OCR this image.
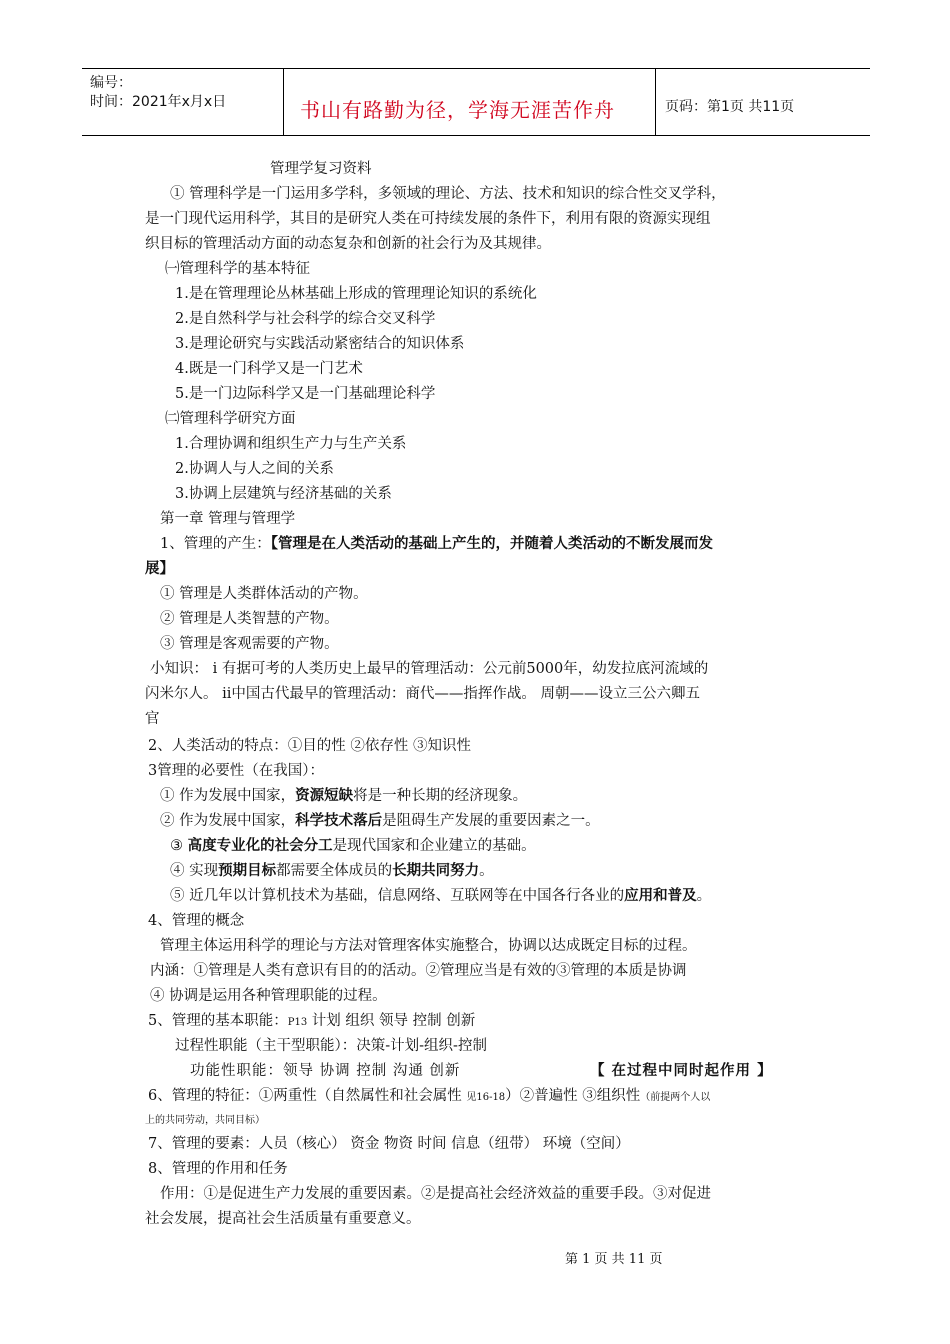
编号：
时间：2021年x月x日	书山有路勤为径，学海无涯苦作舟	页码：第1页 共11页
管理学复习资料
① 管理科学是一门运用多学科，多领域的理论、方法、技术和知识的综合性交叉学科，
是一门现代运用科学，其目的是研究人类在可持续发展的条件下，利用有限的资源实现组
织目标的管理活动方面的动态复杂和创新的社会行为及其规律。
㈠管理科学的基本特征
1.是在管理理论丛林基础上形成的管理理论知识的系统化
2.是自然科学与社会科学的综合交叉科学
3.是理论研究与实践活动紧密结合的知识体系
4.既是一门科学又是一门艺术
5.是一门边际科学又是一门基础理论科学
㈡管理科学研究方面
1.合理协调和组织生产力与生产关系
2.协调人与人之间的关系
3.协调上层建筑与经济基础的关系
第一章 管理与管理学
1、管理的产生：【管理是在人类活动的基础上产生的，并随着人类活动的不断发展而发
展】
① 管理是人类群体活动的产物。
② 管理是人类智慧的产物。
③ 管理是客观需要的产物。
小知识： i 有据可考的人类历史上最早的管理活动：公元前5000年，幼发拉底河流域的
闪米尔人。 ii中国古代最早的管理活动：商代——指挥作战。 周朝——设立三公六卿五
官
2、人类活动的特点：①目的性 ②依存性 ③知识性
3管理的必要性（在我国）：
① 作为发展中国家，资源短缺将是一种长期的经济现象。
② 作为发展中国家，科学技术落后是阻碍生产发展的重要因素之一。
③ 高度专业化的社会分工是现代国家和企业建立的基础。
④ 实现预期目标都需要全体成员的长期共同努力。
⑤ 近几年以计算机技术为基础，信息网络、互联网等在中国各行各业的应用和普及。
4、管理的概念
管理主体运用科学的理论与方法对管理客体实施整合，协调以达成既定目标的过程。
内涵：①管理是人类有意识有目的的活动。②管理应当是有效的③管理的本质是协调
④ 协调是运用各种管理职能的过程。
5、管理的基本职能：P13 计划 组织 领导 控制 创新
过程性职能（主干型职能）：决策-计划-组织-控制
功能性职能：领导 协调 控制 沟通 创新	【 在过程中同时起作用 】
6、管理的特征：①两重性（自然属性和社会属性 见16-18）②普遍性 ③组织性（前提两个人以
上的共同劳动，共同目标）
7、管理的要素：人员（核心） 资金 物资 时间 信息（纽带） 环境（空间）
8、管理的作用和任务
作用：①是促进生产力发展的重要因素。②是提高社会经济效益的重要手段。③对促进
社会发展，提高社会生活质量有重要意义。
第 1 页 共 11 页
